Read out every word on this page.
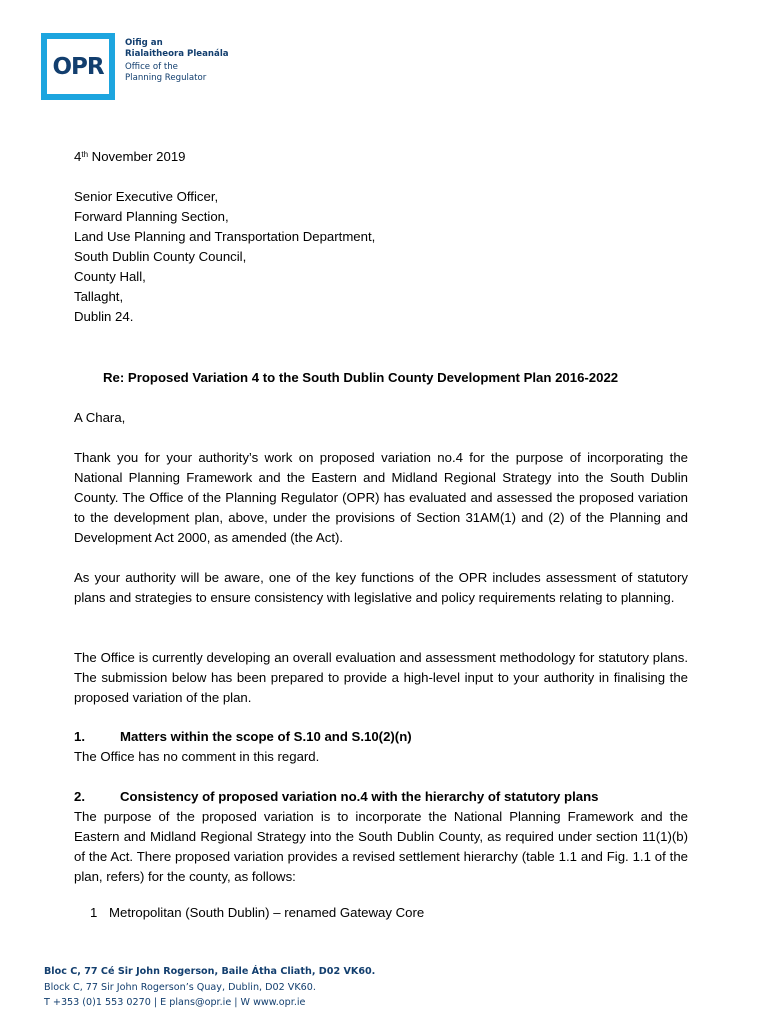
OPR
Oifig an
Rialaitheora Pleanála
Office of the
Planning Regulator
4th November 2019
Senior Executive Officer,
Forward Planning Section,
Land Use Planning and Transportation Department,
South Dublin County Council,
County Hall,
Tallaght,
Dublin 24.
Re: Proposed Variation 4 to the South Dublin County Development Plan 2016-2022
A Chara,

Thank you for your authority’s work on proposed variation no.4 for the purpose of incorporating the National Planning Framework and the Eastern and Midland Regional Strategy into the South Dublin County. The Office of the Planning Regulator (OPR) has evaluated and assessed the proposed variation to the development plan, above, under the provisions of Section 31AM(1) and (2) of the Planning and Development Act 2000, as amended (the Act).

As your authority will be aware, one of the key functions of the OPR includes assessment of statutory plans and strategies to ensure consistency with legislative and policy requirements relating to planning.

The Office is currently developing an overall evaluation and assessment methodology for statutory plans. The submission below has been prepared to provide a high-level input to your authority in finalising the proposed variation of the plan.

1.	Matters within the scope of S.10 and S.10(2)(n)
The Office has no comment in this regard.
2.	Consistency of proposed variation no.4 with the hierarchy of statutory plans

The purpose of the proposed variation is to incorporate the National Planning Framework and the Eastern and Midland Regional Strategy into the South Dublin County, as required under section 11(1)(b) of the Act. There proposed variation provides a revised settlement hierarchy (table 1.1 and Fig. 1.1 of the plan, refers) for the county, as follows:

1 Metropolitan (South Dublin) – renamed Gateway Core
Bloc C, 77 Cé Sir John Rogerson, Baile Átha Cliath, D02 VK60.
Block C, 77 Sir John Rogerson’s Quay, Dublin, D02 VK60.
T +353 (0)1 553 0270 | E plans@opr.ie | W www.opr.ie
